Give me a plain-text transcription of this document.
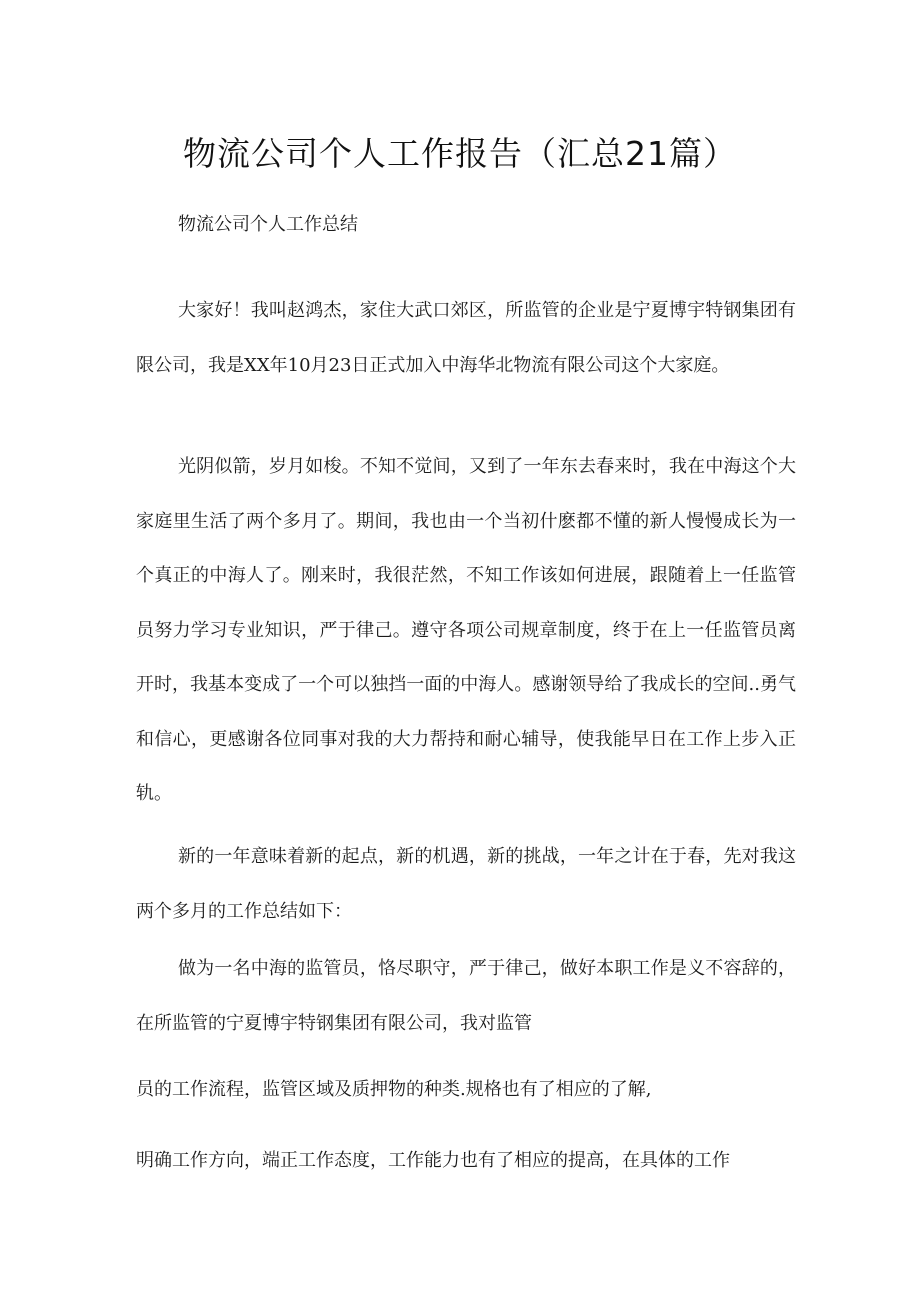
物流公司个人工作报告（汇总21篇）

物流公司个人工作总结

大家好！我叫赵鸿杰，家住大武口郊区，所监管的企业是宁夏博宇特钢集团有限公司，我是XX年10月23日正式加入中海华北物流有限公司这个大家庭。

光阴似箭，岁月如梭。不知不觉间，又到了一年东去春来时，我在中海这个大家庭里生活了两个多月了。期间，我也由一个当初什麽都不懂的新人慢慢成长为一个真正的中海人了。刚来时，我很茫然，不知工作该如何进展，跟随着上一任监管员努力学习专业知识，严于律己。遵守各项公司规章制度，终于在上一任监管员离开时，我基本变成了一个可以独挡一面的中海人。感谢领导给了我成长的空间..勇气和信心，更感谢各位同事对我的大力帮持和耐心辅导，使我能早日在工作上步入正轨。

新的一年意味着新的起点，新的机遇，新的挑战，一年之计在于春，先对我这两个多月的工作总结如下：

做为一名中海的监管员，恪尽职守，严于律己，做好本职工作是义不容辞的，在所监管的宁夏博宇特钢集团有限公司，我对监管

员的工作流程，监管区域及质押物的种类.规格也有了相应的了解,

明确工作方向，端正工作态度，工作能力也有了相应的提高，在具体的工作
